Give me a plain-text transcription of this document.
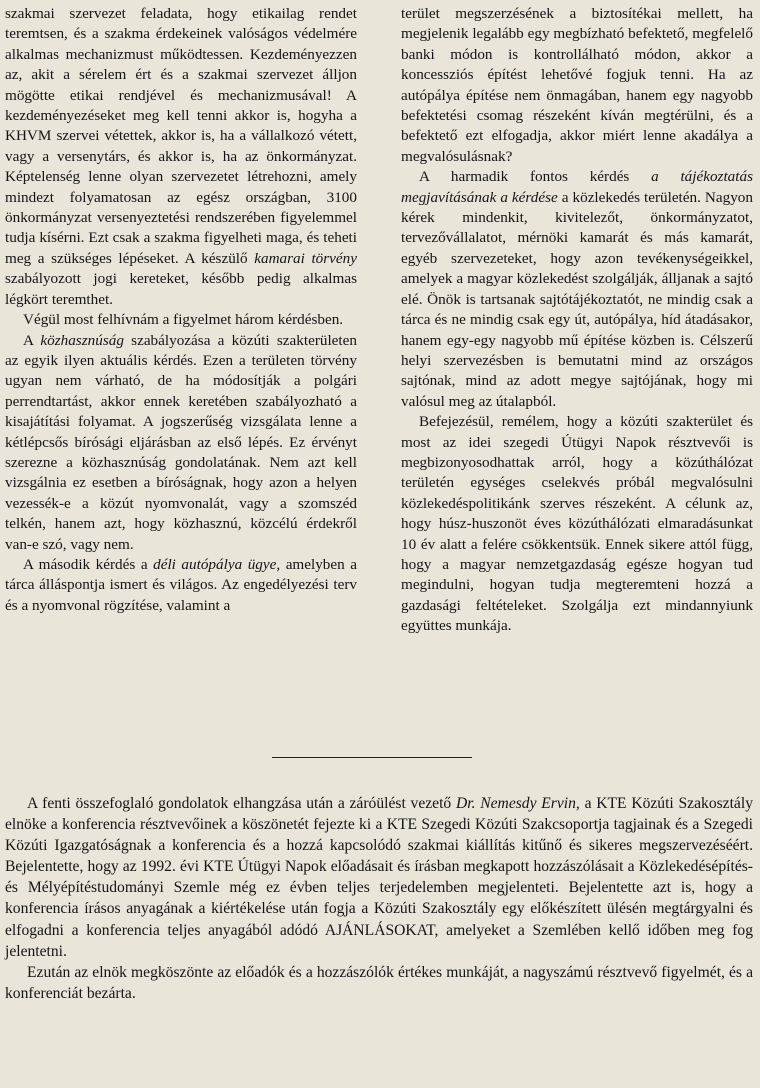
szakmai szervezet feladata, hogy etikailag rendet teremtsen, és a szakma érdekeinek valóságos védelmére alkalmas mechanizmust működtessen. Kezdeményezzen az, akit a sérelem ért és a szakmai szervezet álljon mögötte etikai rendjével és mechanizmusával! A kezdeményezéseket meg kell tenni akkor is, hogyha a KHVM szervei vétettek, akkor is, ha a vállalkozó vétett, vagy a versenytárs, és akkor is, ha az önkormányzat. Képtelenség lenne olyan szervezetet létrehozni, amely mindezt folyamatosan az egész országban, 3100 önkormányzat versenyeztetési rendszerében figyelemmel tudja kísérni. Ezt csak a szakma figyelheti maga, és teheti meg a szükséges lépéseket. A készülő kamarai törvény szabályozott jogi kereteket, később pedig alkalmas légkört teremthet.

Végül most felhívnám a figyelmet három kérdésben.

A közhasznúság szabályozása a közúti szakterületen az egyik ilyen aktuális kérdés. Ezen a területen törvény ugyan nem várható, de ha módosítják a polgári perrendtartást, akkor ennek keretében szabályozható a kisajátítási folyamat. A jogszerűség vizsgálata lenne a kétlépcsős bírósági eljárásban az első lépés. Ez érvényt szerezne a közhasznúság gondolatának. Nem azt kell vizsgálnia ez esetben a bíróságnak, hogy azon a helyen vezessék-e a közút nyomvonalát, vagy a szomszéd telkén, hanem azt, hogy közhasznú, közcélú érdekről van-e szó, vagy nem.

A második kérdés a déli autópálya ügye, amelyben a tárca álláspontja ismert és világos. Az engedélyezési terv és a nyomvonal rögzítése, valamint a

terület megszerzésének a biztosítékai mellett, ha megjelenik legalább egy megbízható befektető, megfelelő banki módon is kontrollálható módon, akkor a koncessziós építést lehetővé fogjuk tenni. Ha az autópálya építése nem önmagában, hanem egy nagyobb befektetési csomag részeként kíván megtérülni, és a befektető ezt elfogadja, akkor miért lenne akadálya a megvalósulásnak?

A harmadik fontos kérdés a tájékoztatás megjavításának a kérdése a közlekedés területén. Nagyon kérek mindenkit, kivitelezőt, önkormányzatot, tervezővállalatot, mérnöki kamarát és más kamarát, egyéb szervezeteket, hogy azon tevékenységeikkel, amelyek a magyar közlekedést szolgálják, álljanak a sajtó elé. Önök is tartsanak sajtótájékoztatót, ne mindig csak a tárca és ne mindig csak egy út, autópálya, híd átadásakor, hanem egy-egy nagyobb mű építése közben is. Célszerű helyi szervezésben is bemutatni mind az országos sajtónak, mind az adott megye sajtójának, hogy mi valósul meg az útalapból.

Befejezésül, remélem, hogy a közúti szakterület és most az idei szegedi Útügyi Napok résztvevői is megbizonyosodhattak arról, hogy a közúthálózat területén egységes cselekvés próbál megvalósulni közlekedéspolitikánk szerves részeként. A célunk az, hogy húsz-huszonöt éves közúthálózati elmaradásunkat 10 év alatt a felére csökkentsük. Ennek sikere attól függ, hogy a magyar nemzetgazdaság egésze hogyan tud megindulni, hogyan tudja megteremteni hozzá a gazdasági feltételeket. Szolgálja ezt mindannyiunk együttes munkája.

A fenti összefoglaló gondolatok elhangzása után a záróülést vezető Dr. Nemesdy Ervin, a KTE Közúti Szakosztály elnöke a konferencia résztvevőinek a köszönetét fejezte ki a KTE Szegedi Közúti Szakcsoportja tagjainak és a Szegedi Közúti Igazgatóságnak a konferencia és a hozzá kapcsolódó szakmai kiállítás kitűnő és sikeres megszervezéséért. Bejelentette, hogy az 1992. évi KTE Útügyi Napok előadásait és írásban megkapott hozzászólásait a Közlekedésépítés- és Mélyépítéstudományi Szemle még ez évben teljes terjedelemben megjelenteti. Bejelentette azt is, hogy a konferencia írásos anyagának a kiértékelése után fogja a Közúti Szakosztály egy előkészített ülésén megtárgyalni és elfogadni a konferencia teljes anyagából adódó AJÁNLÁSOKAT, amelyeket a Szemlében kellő időben meg fog jelentetni.

Ezután az elnök megköszönte az előadók és a hozzászólók értékes munkáját, a nagyszámú résztvevő figyelmét, és a konferenciát bezárta.
